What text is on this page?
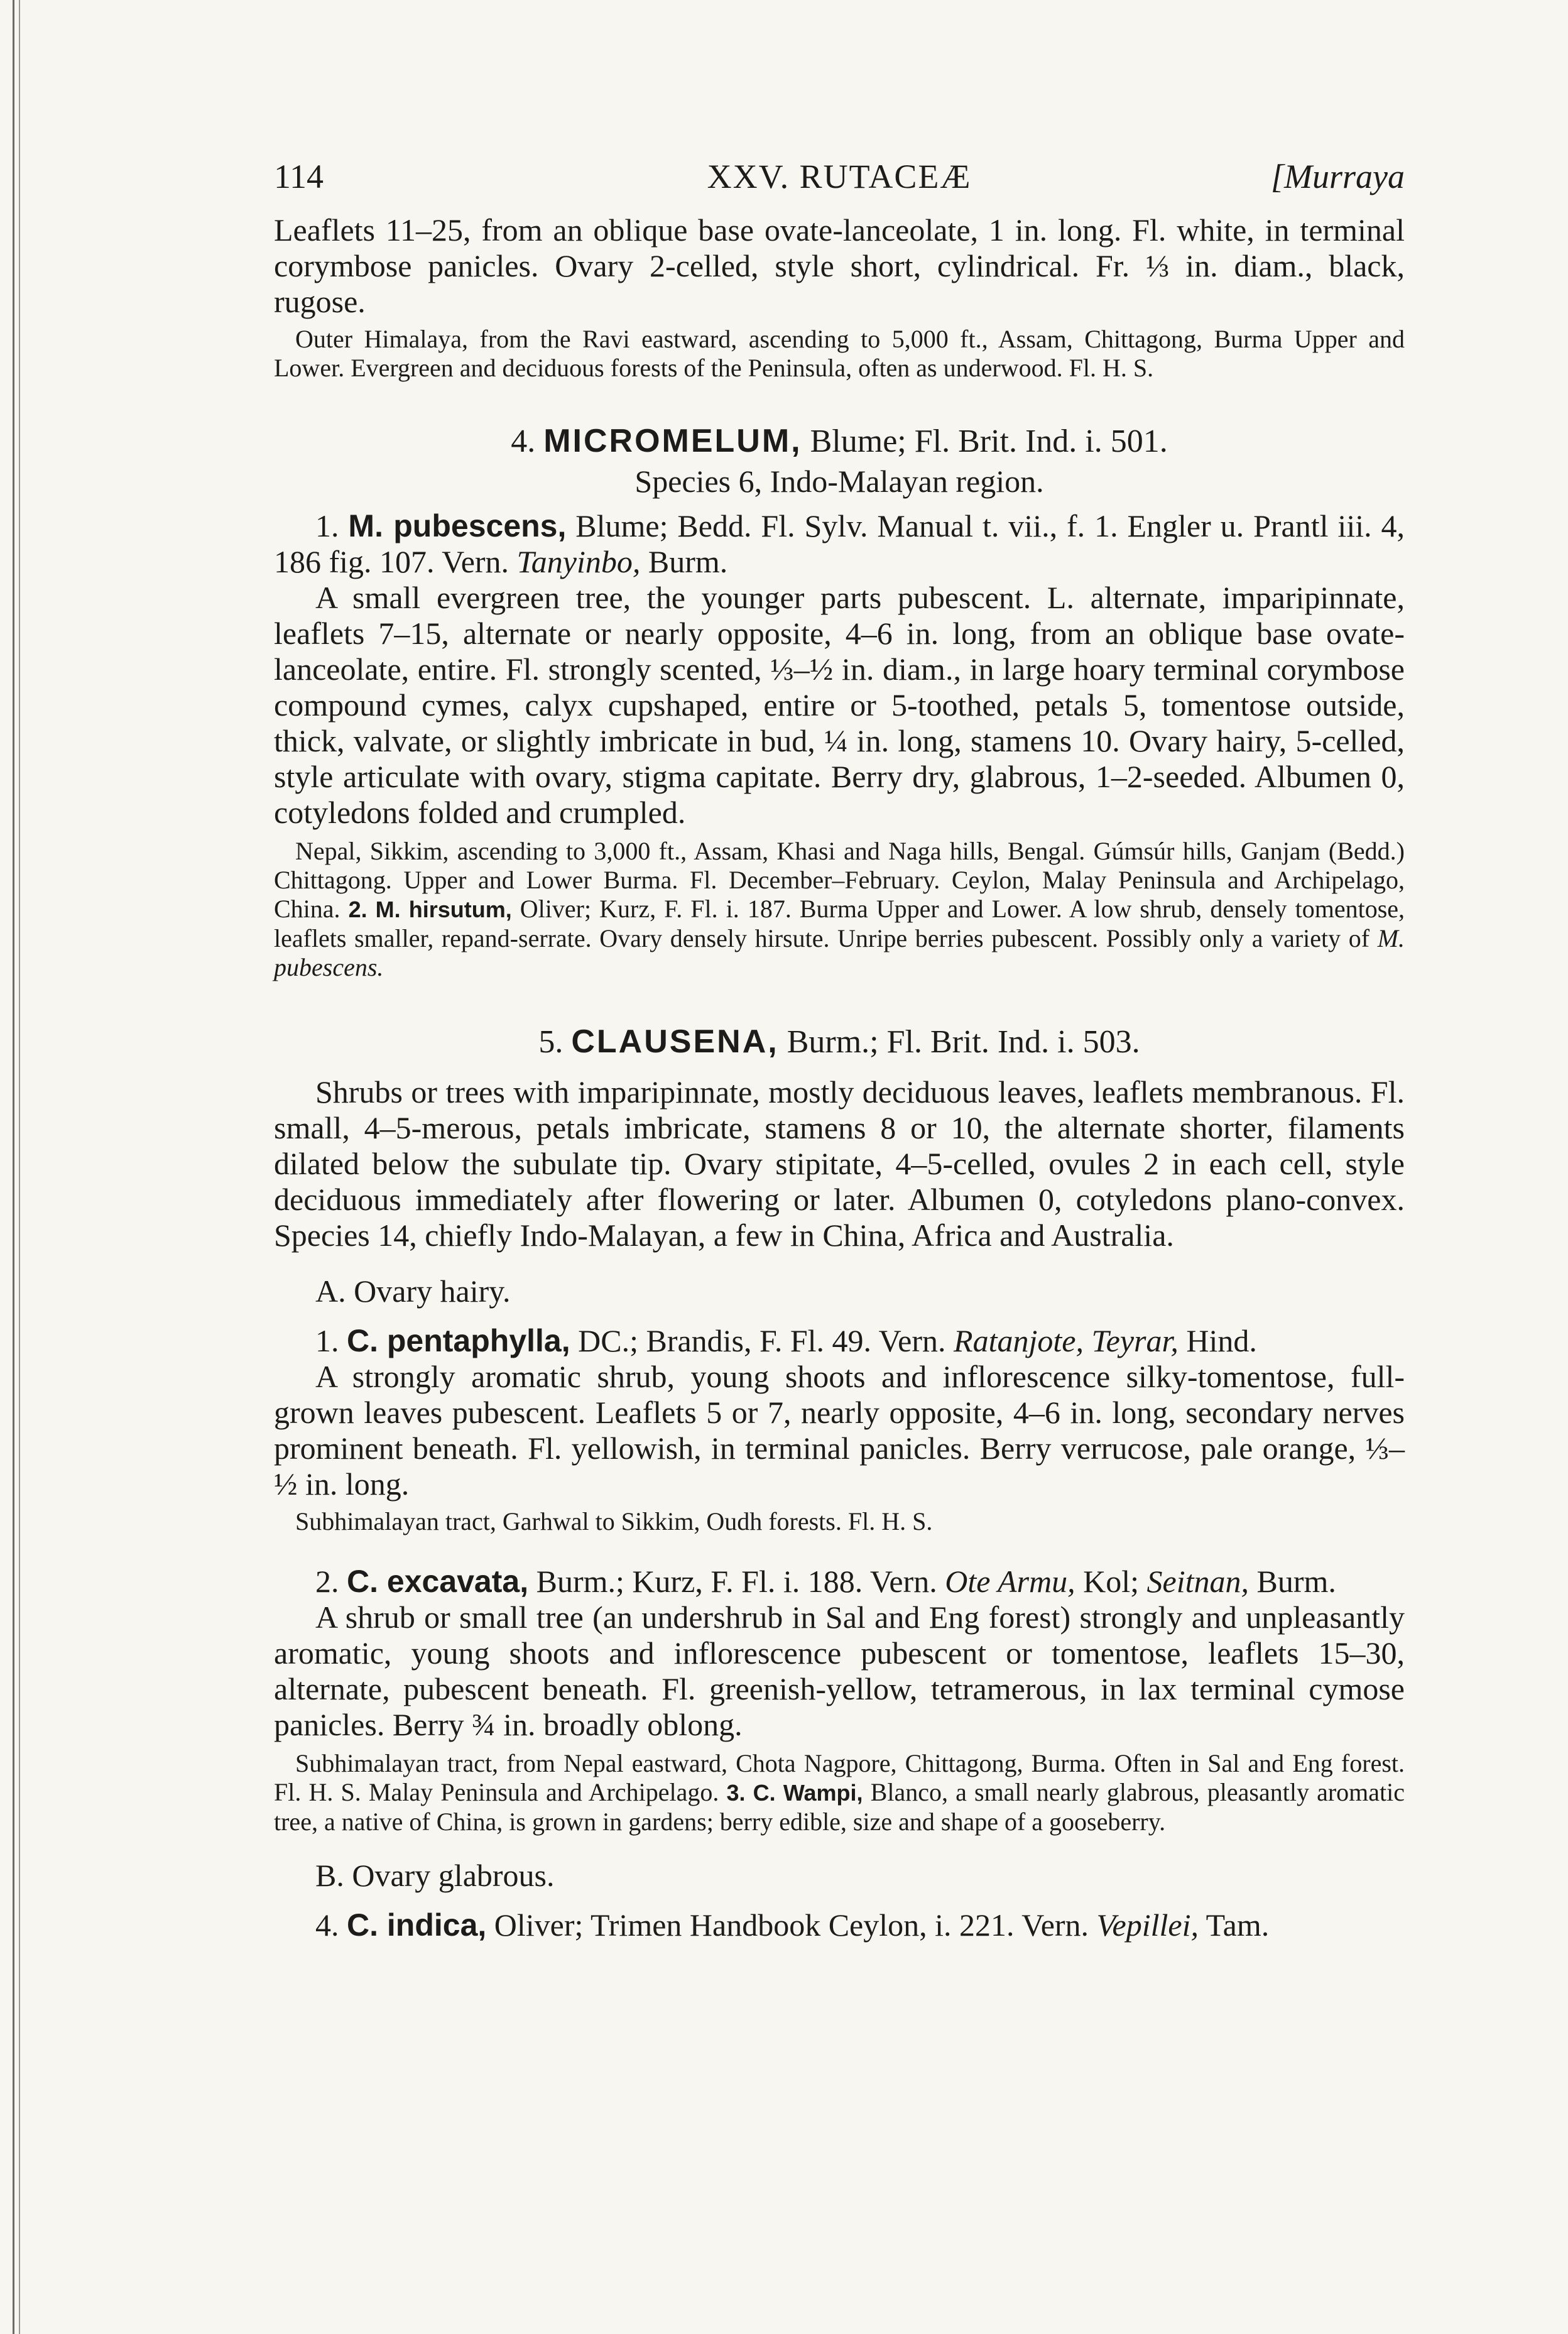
114	XXV. RUTACEÆ	[Murraya

Leaflets 11–25, from an oblique base ovate-lanceolate, 1 in. long. Fl. white, in terminal corymbose panicles. Ovary 2-celled, style short, cylindrical. Fr. ⅓ in. diam., black, rugose.

Outer Himalaya, from the Ravi eastward, ascending to 5,000 ft., Assam, Chittagong, Burma Upper and Lower. Evergreen and deciduous forests of the Peninsula, often as underwood. Fl. H. S.

4. MICROMELUM, Blume; Fl. Brit. Ind. i. 501.

Species 6, Indo-Malayan region.

1. M. pubescens, Blume; Bedd. Fl. Sylv. Manual t. vii., f. 1. Engler u. Prantl iii. 4, 186 fig. 107. Vern. Tanyinbo, Burm.

A small evergreen tree, the younger parts pubescent. L. alternate, imparipinnate, leaflets 7–15, alternate or nearly opposite, 4–6 in. long, from an oblique base ovate-lanceolate, entire. Fl. strongly scented, ⅓–½ in. diam., in large hoary terminal corymbose compound cymes, calyx cupshaped, entire or 5-toothed, petals 5, tomentose outside, thick, valvate, or slightly imbricate in bud, ¼ in. long, stamens 10. Ovary hairy, 5-celled, style articulate with ovary, stigma capitate. Berry dry, glabrous, 1–2-seeded. Albumen 0, cotyledons folded and crumpled.

Nepal, Sikkim, ascending to 3,000 ft., Assam, Khasi and Naga hills, Bengal. Gúmsúr hills, Ganjam (Bedd.) Chittagong. Upper and Lower Burma. Fl. December–February. Ceylon, Malay Peninsula and Archipelago, China. 2. M. hirsutum, Oliver; Kurz, F. Fl. i. 187. Burma Upper and Lower. A low shrub, densely tomentose, leaflets smaller, repand-serrate. Ovary densely hirsute. Unripe berries pubescent. Possibly only a variety of M. pubescens.

5. CLAUSENA, Burm.; Fl. Brit. Ind. i. 503.

Shrubs or trees with imparipinnate, mostly deciduous leaves, leaflets membranous. Fl. small, 4–5-merous, petals imbricate, stamens 8 or 10, the alternate shorter, filaments dilated below the subulate tip. Ovary stipitate, 4–5-celled, ovules 2 in each cell, style deciduous immediately after flowering or later. Albumen 0, cotyledons plano-convex. Species 14, chiefly Indo-Malayan, a few in China, Africa and Australia.

A. Ovary hairy.

1. C. pentaphylla, DC.; Brandis, F. Fl. 49. Vern. Ratanjote, Teyrar, Hind.

A strongly aromatic shrub, young shoots and inflorescence silky-tomentose, full-grown leaves pubescent. Leaflets 5 or 7, nearly opposite, 4–6 in. long, secondary nerves prominent beneath. Fl. yellowish, in terminal panicles. Berry verrucose, pale orange, ⅓–½ in. long.

Subhimalayan tract, Garhwal to Sikkim, Oudh forests. Fl. H. S.

2. C. excavata, Burm.; Kurz, F. Fl. i. 188. Vern. Ote Armu, Kol; Seitnan, Burm.

A shrub or small tree (an undershrub in Sal and Eng forest) strongly and unpleasantly aromatic, young shoots and inflorescence pubescent or tomentose, leaflets 15–30, alternate, pubescent beneath. Fl. greenish-yellow, tetramerous, in lax terminal cymose panicles. Berry ¾ in. broadly oblong.

Subhimalayan tract, from Nepal eastward, Chota Nagpore, Chittagong, Burma. Often in Sal and Eng forest. Fl. H. S. Malay Peninsula and Archipelago. 3. C. Wampi, Blanco, a small nearly glabrous, pleasantly aromatic tree, a native of China, is grown in gardens; berry edible, size and shape of a gooseberry.

B. Ovary glabrous.

4. C. indica, Oliver; Trimen Handbook Ceylon, i. 221. Vern. Vepillei, Tam.
